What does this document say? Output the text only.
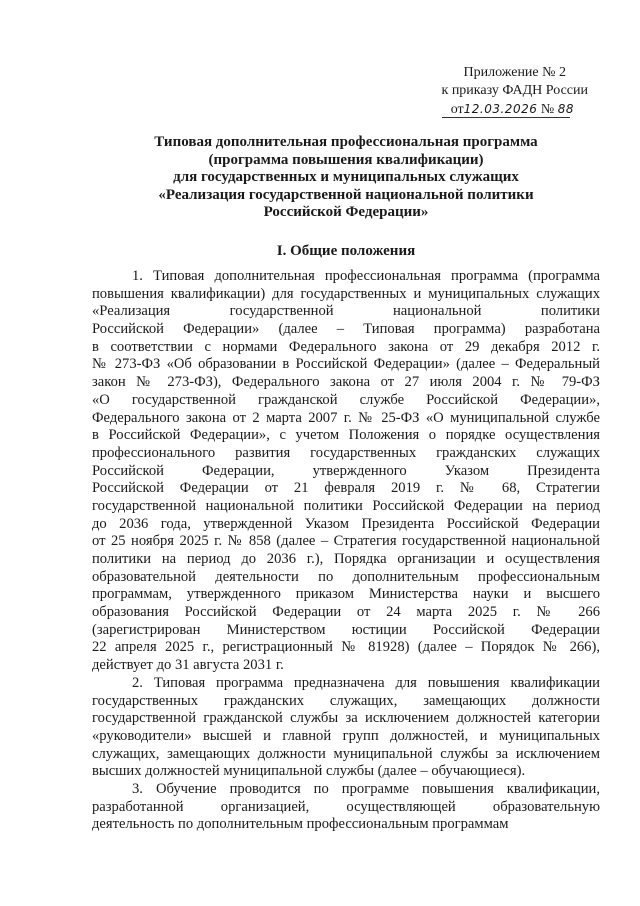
Приложение № 2
к приказу ФАДН России
от12.03.2026 № 88
Типовая дополнительная профессиональная программа
(программа повышения квалификации)
для государственных и муниципальных служащих
«Реализация государственной национальной политики
Российской Федерации»
I. Общие положения
1. Типовая дополнительная профессиональная программа (программа
повышения квалификации) для государственных и муниципальных служащих
«Реализация государственной национальной политики
Российской Федерации» (далее – Типовая программа) разработана
в соответствии с нормами Федерального закона от 29 декабря 2012 г.
№ 273-ФЗ «Об образовании в Российской Федерации» (далее – Федеральный
закон № 273-ФЗ), Федерального закона от 27 июля 2004 г. № 79-ФЗ
«О государственной гражданской службе Российской Федерации»,
Федерального закона от 2 марта 2007 г. № 25-ФЗ «О муниципальной службе
в Российской Федерации», с учетом Положения о порядке осуществления
профессионального развития государственных гражданских служащих
Российской Федерации, утвержденного Указом Президента
Российской Федерации от 21 февраля 2019 г. № 68, Стратегии
государственной национальной политики Российской Федерации на период
до 2036 года, утвержденной Указом Президента Российской Федерации
от 25 ноября 2025 г. № 858 (далее – Стратегия государственной национальной
политики на период до 2036 г.), Порядка организации и осуществления
образовательной деятельности по дополнительным профессиональным
программам, утвержденного приказом Министерства науки и высшего
образования Российской Федерации от 24 марта 2025 г. № 266
(зарегистрирован Министерством юстиции Российской Федерации
22 апреля 2025 г., регистрационный № 81928) (далее – Порядок № 266),
действует до 31 августа 2031 г.
2. Типовая программа предназначена для повышения квалификации
государственных гражданских служащих, замещающих должности
государственной гражданской службы за исключением должностей категории
«руководители» высшей и главной групп должностей, и муниципальных
служащих, замещающих должности муниципальной службы за исключением
высших должностей муниципальной службы (далее – обучающиеся).
3. Обучение проводится по программе повышения квалификации,
разработанной организацией, осуществляющей образовательную
деятельность по дополнительным профессиональным программам
